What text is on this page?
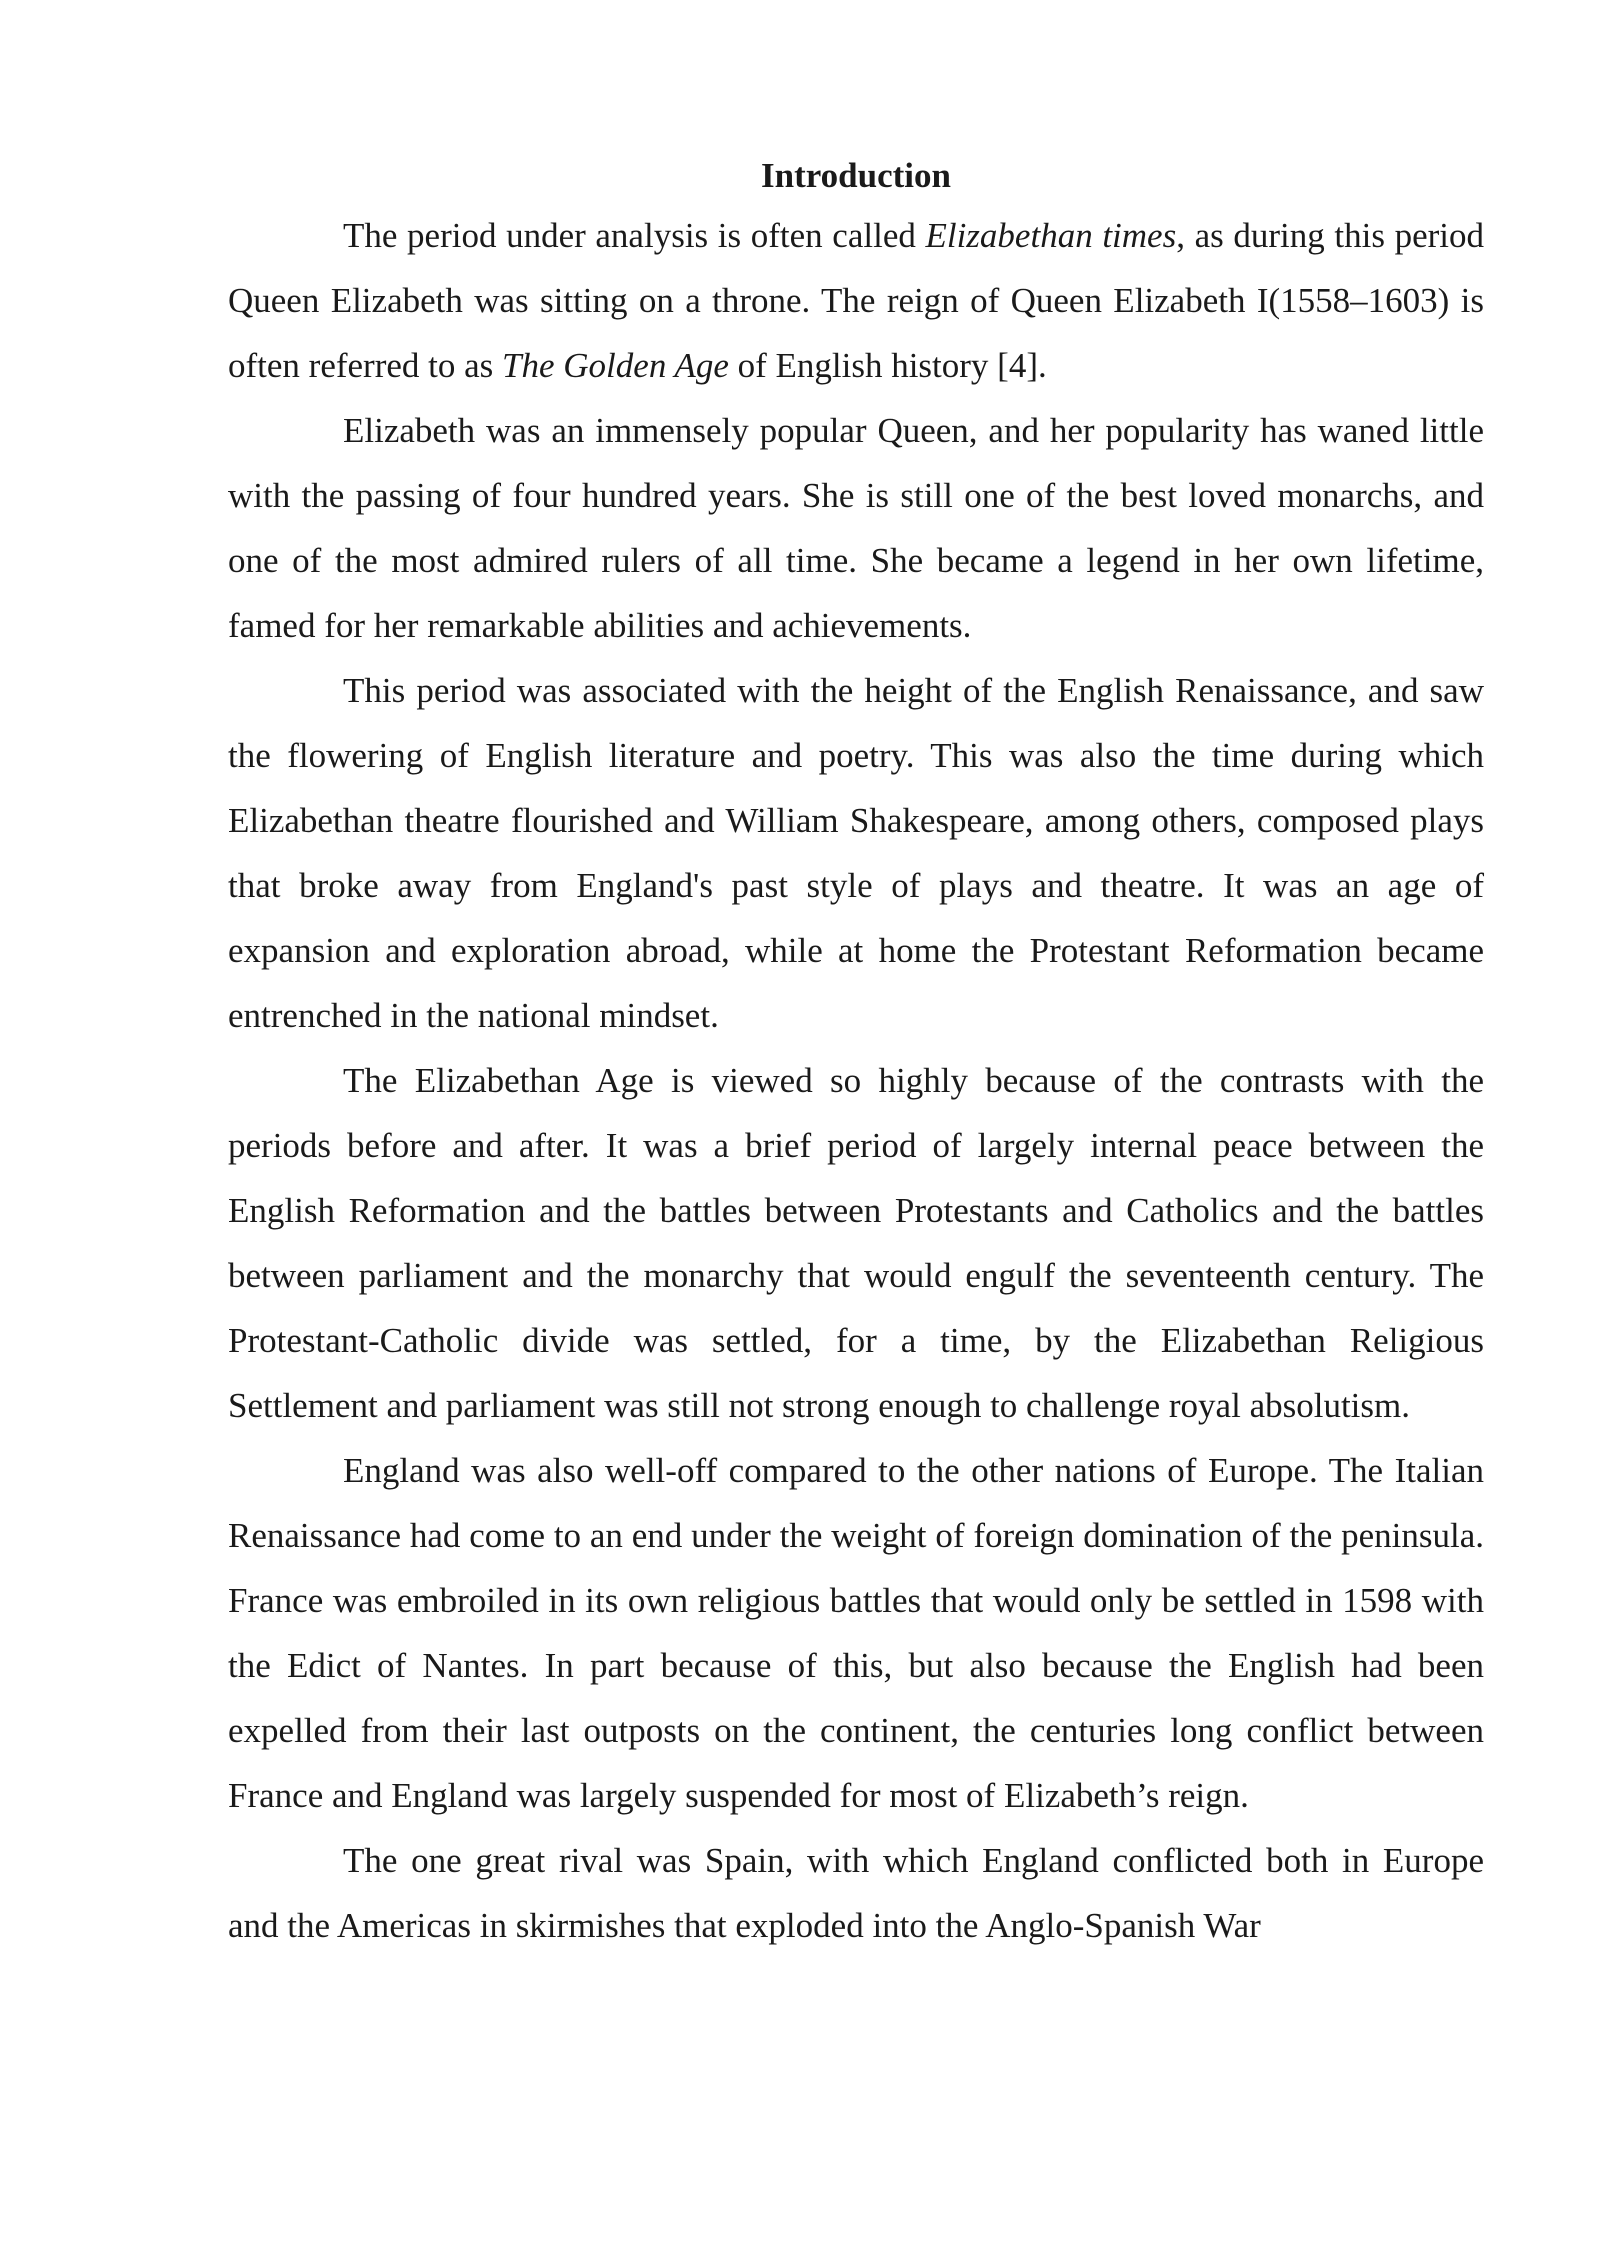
Introduction

The period under analysis is often called Elizabethan times, as during this period Queen Elizabeth was sitting on a throne. The reign of Queen Elizabeth I(1558–1603) is often referred to as The Golden Age of English history [4].

Elizabeth was an immensely popular Queen, and her popularity has waned little with the passing of four hundred years. She is still one of the best loved monarchs, and one of the most admired rulers of all time. She became a legend in her own lifetime, famed for her remarkable abilities and achievements.

This period was associated with the height of the English Renaissance, and saw the flowering of English literature and poetry. This was also the time during which Elizabethan theatre flourished and William Shakespeare, among others, composed plays that broke away from England's past style of plays and theatre. It was an age of expansion and exploration abroad, while at home the Protestant Reformation became entrenched in the national mindset.

The Elizabethan Age is viewed so highly because of the contrasts with the periods before and after. It was a brief period of largely internal peace between the English Reformation and the battles between Protestants and Catholics and the battles between parliament and the monarchy that would engulf the seventeenth century. The Protestant-Catholic divide was settled, for a time, by the Elizabethan Religious Settlement and parliament was still not strong enough to challenge royal absolutism.

England was also well-off compared to the other nations of Europe. The Italian Renaissance had come to an end under the weight of foreign domination of the peninsula. France was embroiled in its own religious battles that would only be settled in 1598 with the Edict of Nantes. In part because of this, but also because the English had been expelled from their last outposts on the continent, the centuries long conflict between France and England was largely suspended for most of Elizabeth’s reign.

The one great rival was Spain, with which England conflicted both in Europe and the Americas in skirmishes that exploded into the Anglo-Spanish War
